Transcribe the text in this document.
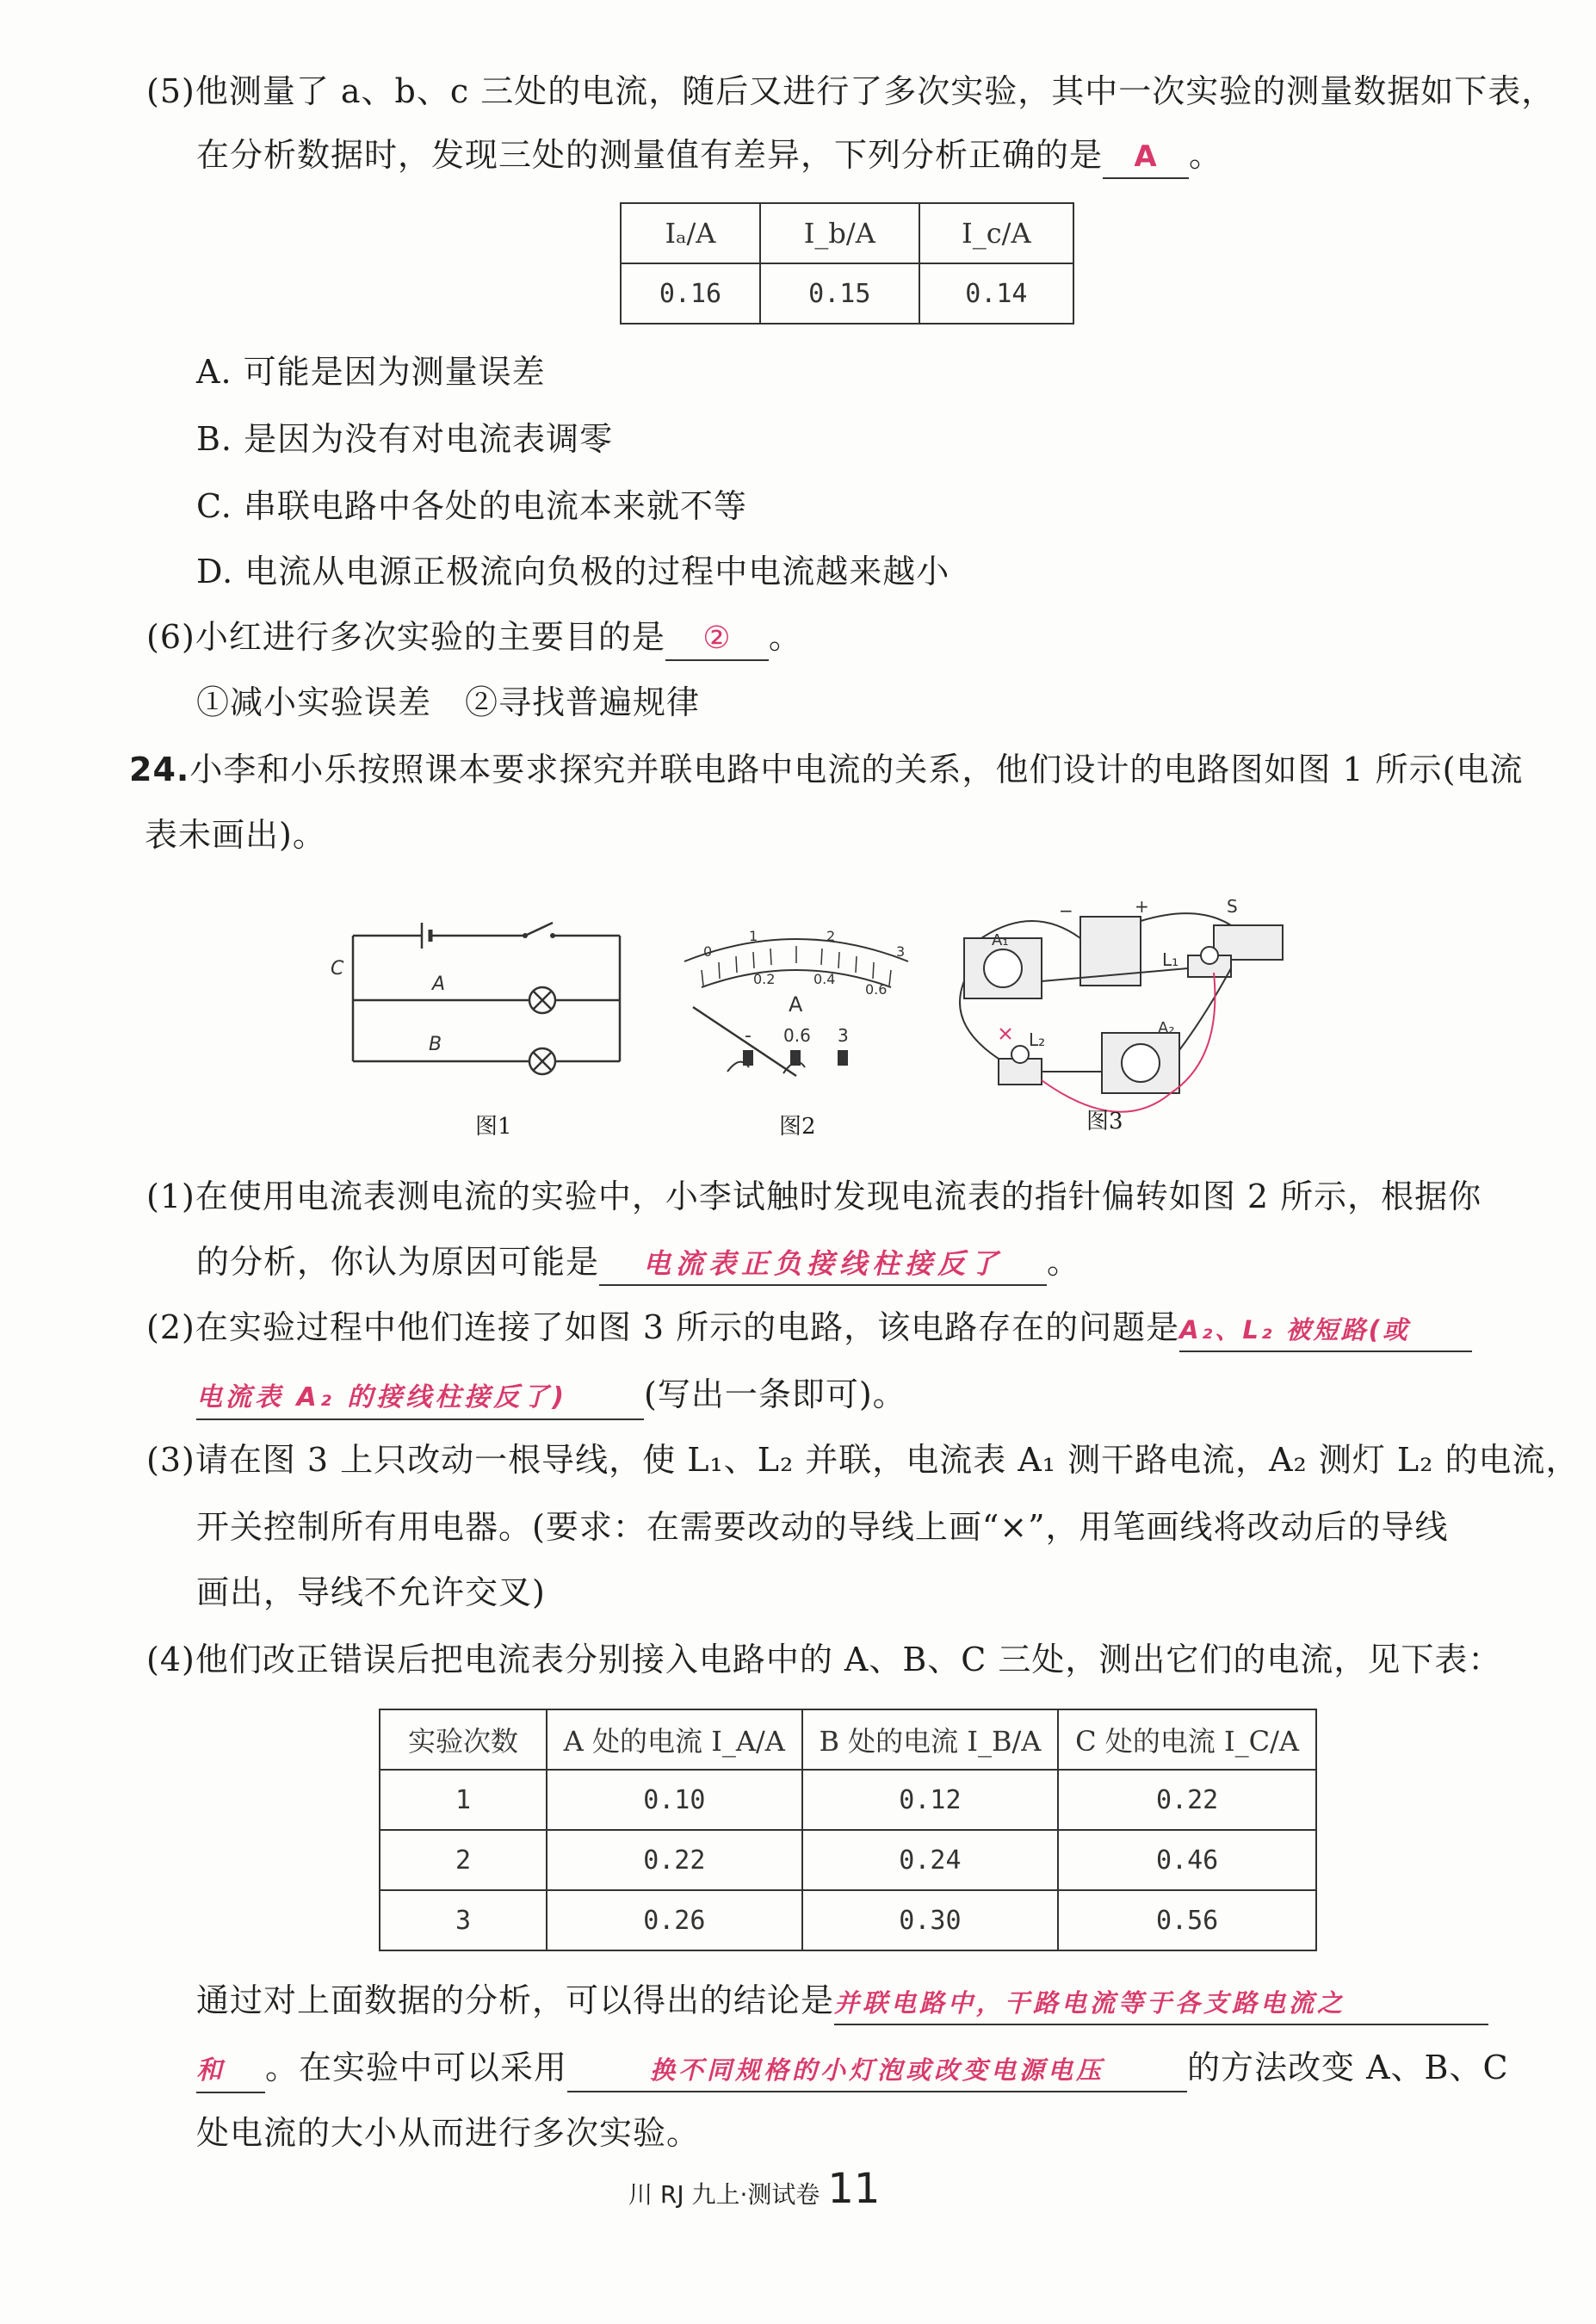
(5)他测量了 a、b、c 三处的电流，随后又进行了多次实验，其中一次实验的测量数据如下表，
在分析数据时，发现三处的测量值有差异，下列分析正确的是 A 。
Iₐ/A	I_b/A	I_c/A
0.16	0.15	0.14
A. 可能是因为测量误差
B. 是因为没有对电流表调零
C. 串联电路中各处的电流本来就不等
D. 电流从电源正极流向负极的过程中电流越来越小
(6)小红进行多次实验的主要目的是 ② 。
①减小实验误差　②寻找普遍规律
24.小李和小乐按照课本要求探究并联电路中电流的关系，他们设计的电路图如图 1 所示(电流
表未画出)。
C
A
B
图1
0
1	2
3
0.2	0.4
0.6
A
- 0.6 3
图2
S
L₁
L₂
A₁
A₂
−	+
图3
(1)在使用电流表测电流的实验中，小李试触时发现电流表的指针偏转如图 2 所示，根据你
的分析，你认为原因可能是 电流表正负接线柱接反了 。
(2)在实验过程中他们连接了如图 3 所示的电路，该电路存在的问题是A₂、L₂ 被短路(或
电流表 A₂ 的接线柱接反了) (写出一条即可)。
(3)请在图 3 上只改动一根导线，使 L₁、L₂ 并联，电流表 A₁ 测干路电流，A₂ 测灯 L₂ 的电流，
开关控制所有用电器。(要求：在需要改动的导线上画“×”，用笔画线将改动后的导线
画出，导线不允许交叉)
(4)他们改正错误后把电流表分别接入电路中的 A、B、C 三处，测出它们的电流，见下表：
实验次数	A 处的电流 I_A/A	B 处的电流 I_B/A	C 处的电流 I_C/A
1	0.10	0.12	0.22
2	0.22	0.24	0.46
3	0.26	0.30	0.56
通过对上面数据的分析，可以得出的结论是并联电路中，干路电流等于各支路电流之
和 。在实验中可以采用	换不同规格的小灯泡或改变电源电压	的方法改变 A、B、C
处电流的大小从而进行多次实验。
川 RJ 九上·测试卷 11
